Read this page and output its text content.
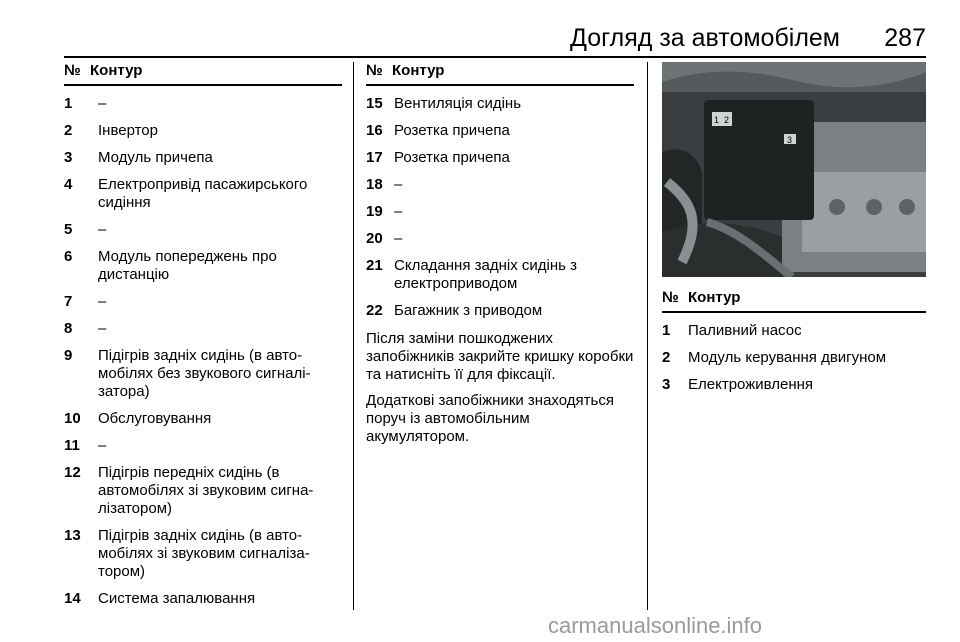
Догляд за автомобілем 287
№ Контур
1	–
2	Інвертор
3	Модуль причепа
4	Електропривід пасажирського сидіння
5	–
6	Модуль попереджень про дистанцію
7	–
8	–
9	Підігрів задніх сидінь (в авто-мобілях без звукового сигналі-затора)
10	Обслуговування
11	–
12	Підігрів передніх сидінь (в автомобілях зі звуковим сигна-лізатором)
13	Підігрів задніх сидінь (в авто-мобілях зі звуковим сигналіза-тором)
14	Система запалювання
№ Контур
15 Вентиляція сидінь
16 Розетка причепа
17 Розетка причепа
18 –
19 –
20 –
21 Складання задніх сидінь з електроприводом
22 Багажник з приводом

Після заміни пошкоджених запобіжників закрийте кришку коробки та натисніть її для фіксації.

Додаткові запобіжники знаходяться поруч із автомобільним акумулятором.

1 2
3
№ Контур
1	Паливний насос
2	Модуль керування двигуном
3	Електроживлення
carmanualsonline.info
